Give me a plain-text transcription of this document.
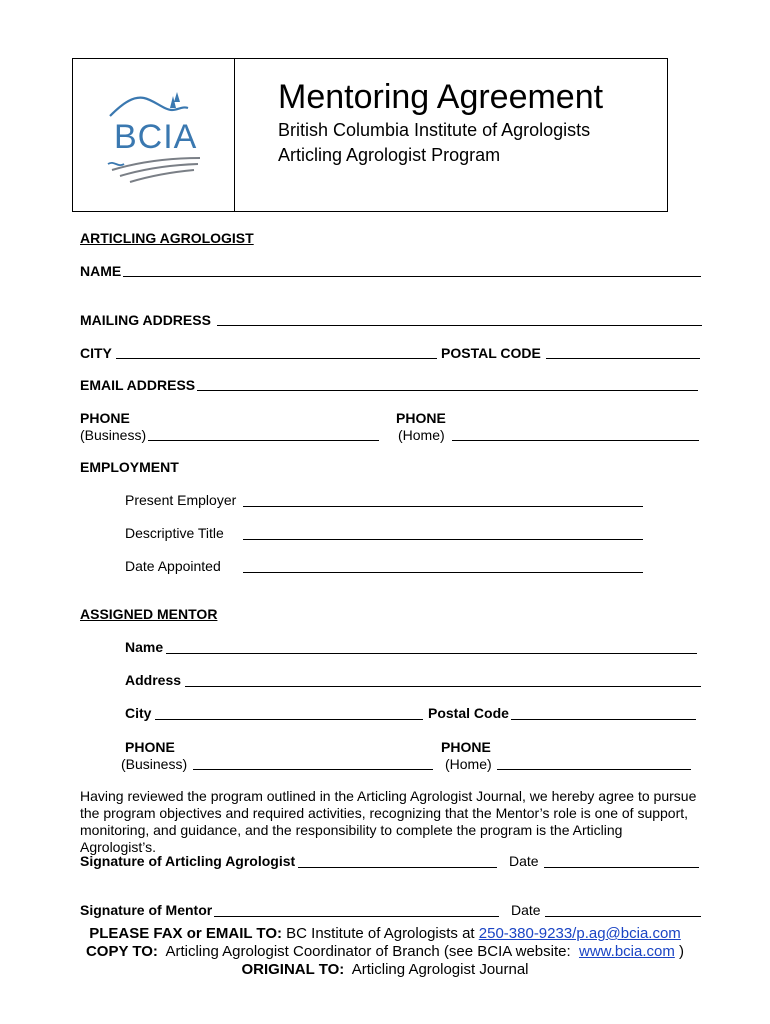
BCIA
Mentoring Agreement
British Columbia Institute of Agrologists
Articling Agrologist Program
ARTICLING AGROLOGIST
NAME
MAILING ADDRESS
CITY	POSTAL CODE
EMAIL ADDRESS
PHONE
(Business)
PHONE
(Home)
EMPLOYMENT
Present Employer
Descriptive Title
Date Appointed
ASSIGNED MENTOR
Name
Address
City	Postal Code
PHONE
(Business)
PHONE
(Home)
Having reviewed the program outlined in the Articling Agrologist Journal, we hereby agree to pursue the program objectives and required activities, recognizing that the Mentor’s role is one of support, monitoring, and guidance, and the responsibility to complete the program is the Articling Agrologist’s.
Signature of Articling Agrologist	Date
Signature of Mentor	Date
PLEASE FAX or EMAIL TO: BC Institute of Agrologists at 250-380-9233/p.ag@bcia.com
COPY TO:  Articling Agrologist Coordinator of Branch (see BCIA website:  www.bcia.com )
ORIGINAL TO:  Articling Agrologist Journal
